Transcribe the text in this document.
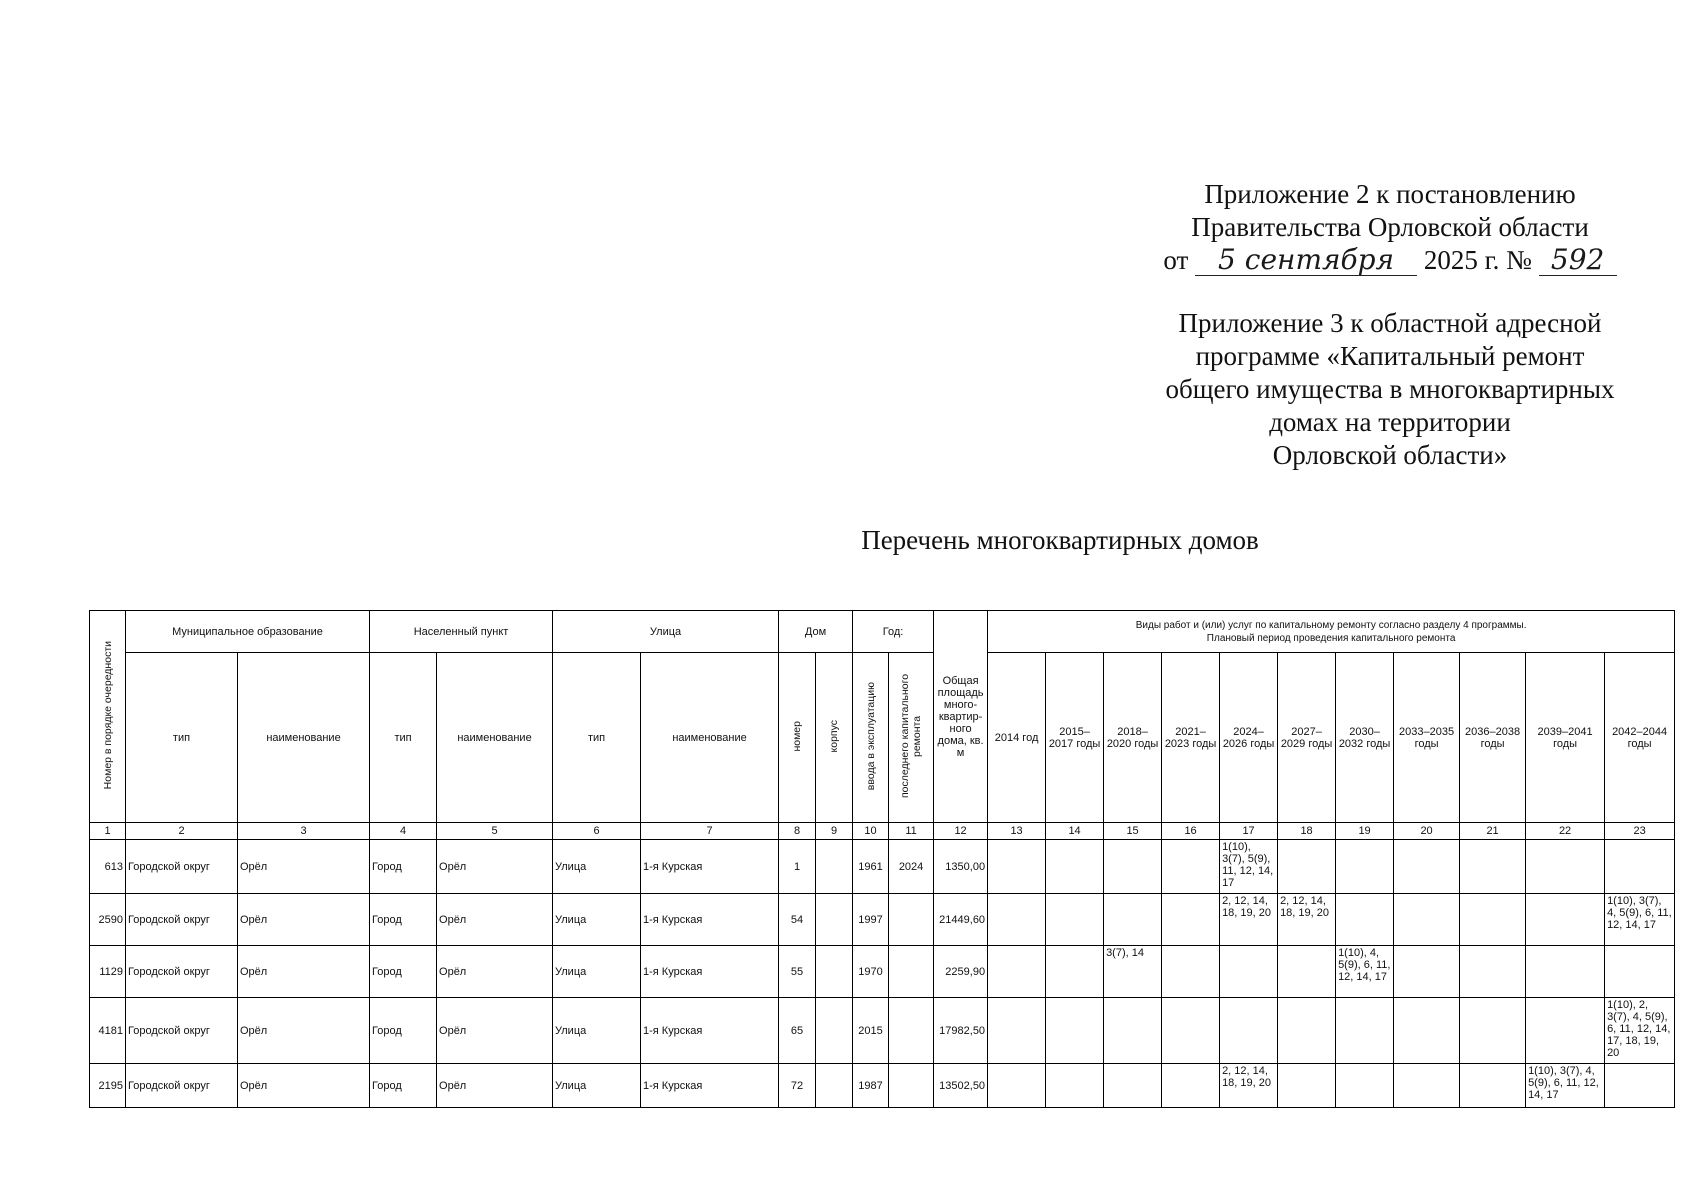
Приложение 2 к постановлению
Правительства Орловской области
от 5 сентября 2025 г. № 592
Приложение 3 к областной адресной
программе «Капитальный ремонт
общего имущества в многоквартирных
домах на территории
Орловской области»
Перечень многоквартирных домов
Номер в порядке очередности	Муниципальное образование		Населенный пункт		Улица		Дом		Год:		Общая площадь много-квартир-ного дома, кв. м	Виды работ и (или) услуг по капитальному ремонту согласно разделу 4 программы.
Плановый период проведения капитального ремонта										

	тип	наименование	тип	наименование	тип	наименование	номер	корпус	ввода в эксплуатацию	последнего капитального ремонта		2014 год	2015–2017 годы	2018–2020 годы	2021–2023 годы	2024–2026 годы	2027–2029 годы	2030–2032 годы	2033–2035 годы	2036–2038 годы	2039–2041 годы	2042–2044 годы
1	2	3	4	5	6	7	8	9	10	11	12	13	14	15	16	17	18	19	20	21	22	23
613	Городской округ	Орёл	Город	Орёл	Улица	1-я Курская	1		1961	2024	1350,00					1(10), 3(7), 5(9), 11, 12, 14, 17						
2590	Городской округ	Орёл	Город	Орёл	Улица	1-я Курская	54		1997		21449,60					2, 12, 14, 18, 19, 20	2, 12, 14, 18, 19, 20					1(10), 3(7), 4, 5(9), 6, 11, 12, 14, 17
1129	Городской округ	Орёл	Город	Орёл	Улица	1-я Курская	55		1970		2259,90			3(7), 14				1(10), 4, 5(9), 6, 11, 12, 14, 17				
4181	Городской округ	Орёл	Город	Орёл	Улица	1-я Курская	65		2015		17982,50											1(10), 2, 3(7), 4, 5(9), 6, 11, 12, 14, 17, 18, 19, 20
2195	Городской округ	Орёл	Город	Орёл	Улица	1-я Курская	72		1987		13502,50					2, 12, 14, 18, 19, 20					1(10), 3(7), 4, 5(9), 6, 11, 12, 14, 17	
